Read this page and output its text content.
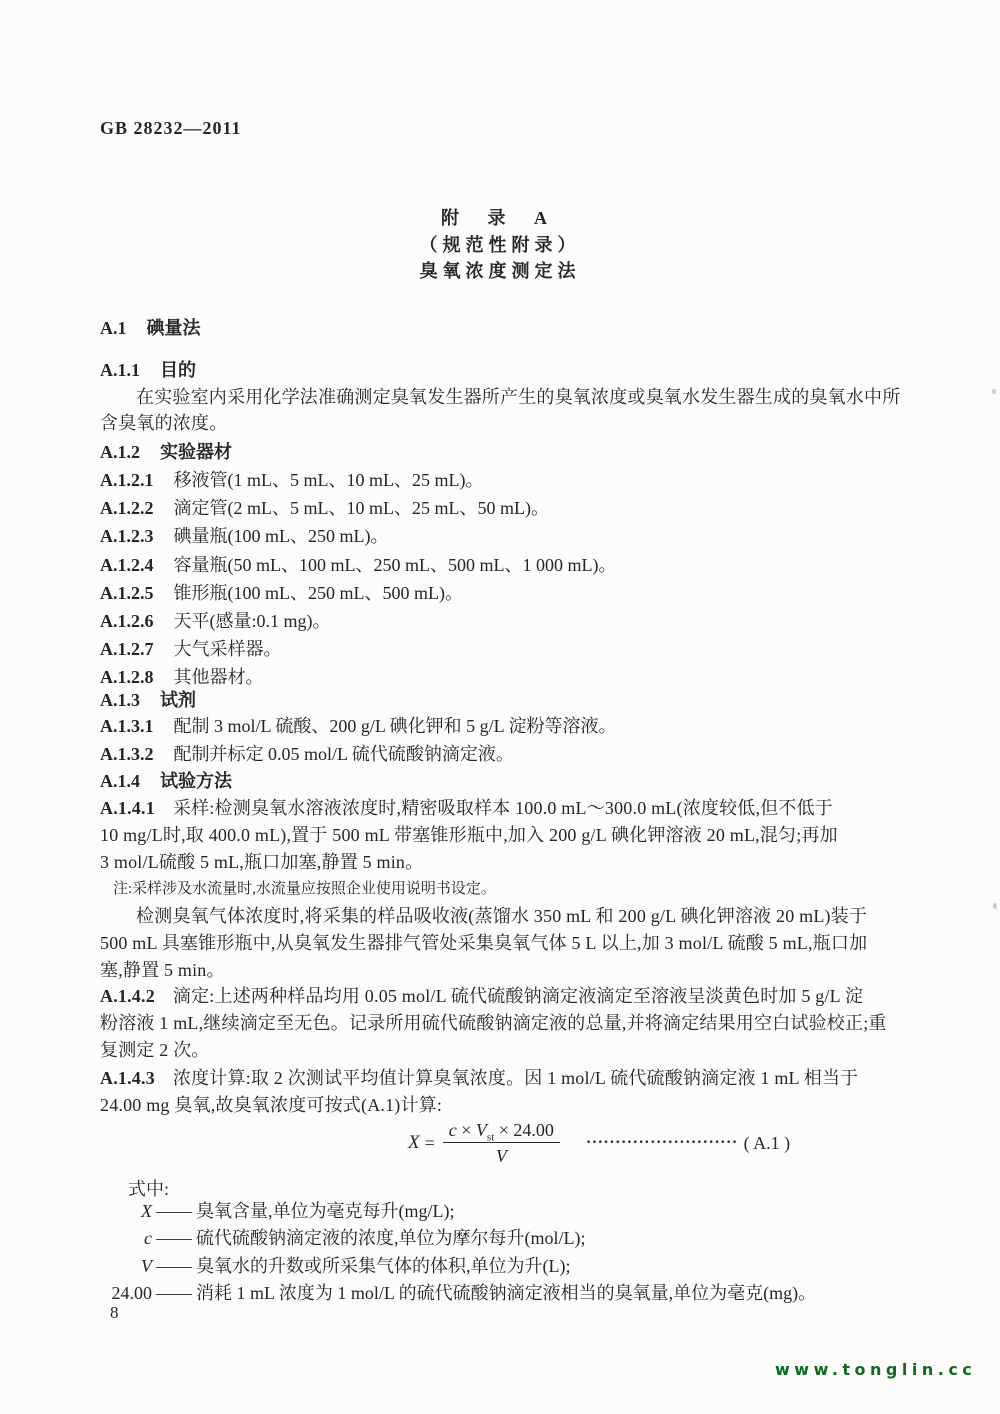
GB 28232—2011
附 录 A
（规范性附录）
臭氧浓度测定法
A.1 碘量法
A.1.1 目的
在实验室内采用化学法准确测定臭氧发生器所产生的臭氧浓度或臭氧水发生器生成的臭氧水中所
含臭氧的浓度。
A.1.2 实验器材
A.1.2.1 移液管(1 mL、5 mL、10 mL、25 mL)。
A.1.2.2 滴定管(2 mL、5 mL、10 mL、25 mL、50 mL)。
A.1.2.3 碘量瓶(100 mL、250 mL)。
A.1.2.4 容量瓶(50 mL、100 mL、250 mL、500 mL、1 000 mL)。
A.1.2.5 锥形瓶(100 mL、250 mL、500 mL)。
A.1.2.6 天平(感量:0.1 mg)。
A.1.2.7 大气采样器。
A.1.2.8 其他器材。
A.1.3 试剂
A.1.3.1 配制 3 mol/L 硫酸、200 g/L 碘化钾和 5 g/L 淀粉等溶液。
A.1.3.2 配制并标定 0.05 mol/L 硫代硫酸钠滴定液。
A.1.4 试验方法
A.1.4.1 采样:检测臭氧水溶液浓度时,精密吸取样本 100.0 mL～300.0 mL(浓度较低,但不低于
10 mg/L时,取 400.0 mL),置于 500 mL 带塞锥形瓶中,加入 200 g/L 碘化钾溶液 20 mL,混匀;再加
3 mol/L硫酸 5 mL,瓶口加塞,静置 5 min。
注:采样涉及水流量时,水流量应按照企业使用说明书设定。
检测臭氧气体浓度时,将采集的样品吸收液(蒸馏水 350 mL 和 200 g/L 碘化钾溶液 20 mL)装于
500 mL 具塞锥形瓶中,从臭氧发生器排气管处采集臭氧气体 5 L 以上,加 3 mol/L 硫酸 5 mL,瓶口加
塞,静置 5 min。
A.1.4.2 滴定:上述两种样品均用 0.05 mol/L 硫代硫酸钠滴定液滴定至溶液呈淡黄色时加 5 g/L 淀
粉溶液 1 mL,继续滴定至无色。记录所用硫代硫酸钠滴定液的总量,并将滴定结果用空白试验校正;重
复测定 2 次。
A.1.4.3 浓度计算:取 2 次测试平均值计算臭氧浓度。因 1 mol/L 硫代硫酸钠滴定液 1 mL 相当于
24.00 mg 臭氧,故臭氧浓度可按式(A.1)计算:
$X = \frac{c \times V_{st} \times 24.00}{V}$ ·························· ( A.1 )
式中:
X —— 臭氧含量,单位为毫克每升(mg/L);
c —— 硫代硫酸钠滴定液的浓度,单位为摩尔每升(mol/L);
V —— 臭氧水的升数或所采集气体的体积,单位为升(L);
24.00 —— 消耗 1 mL 浓度为 1 mol/L 的硫代硫酸钠滴定液相当的臭氧量,单位为毫克(mg)。
8
www.tonglin.cc
